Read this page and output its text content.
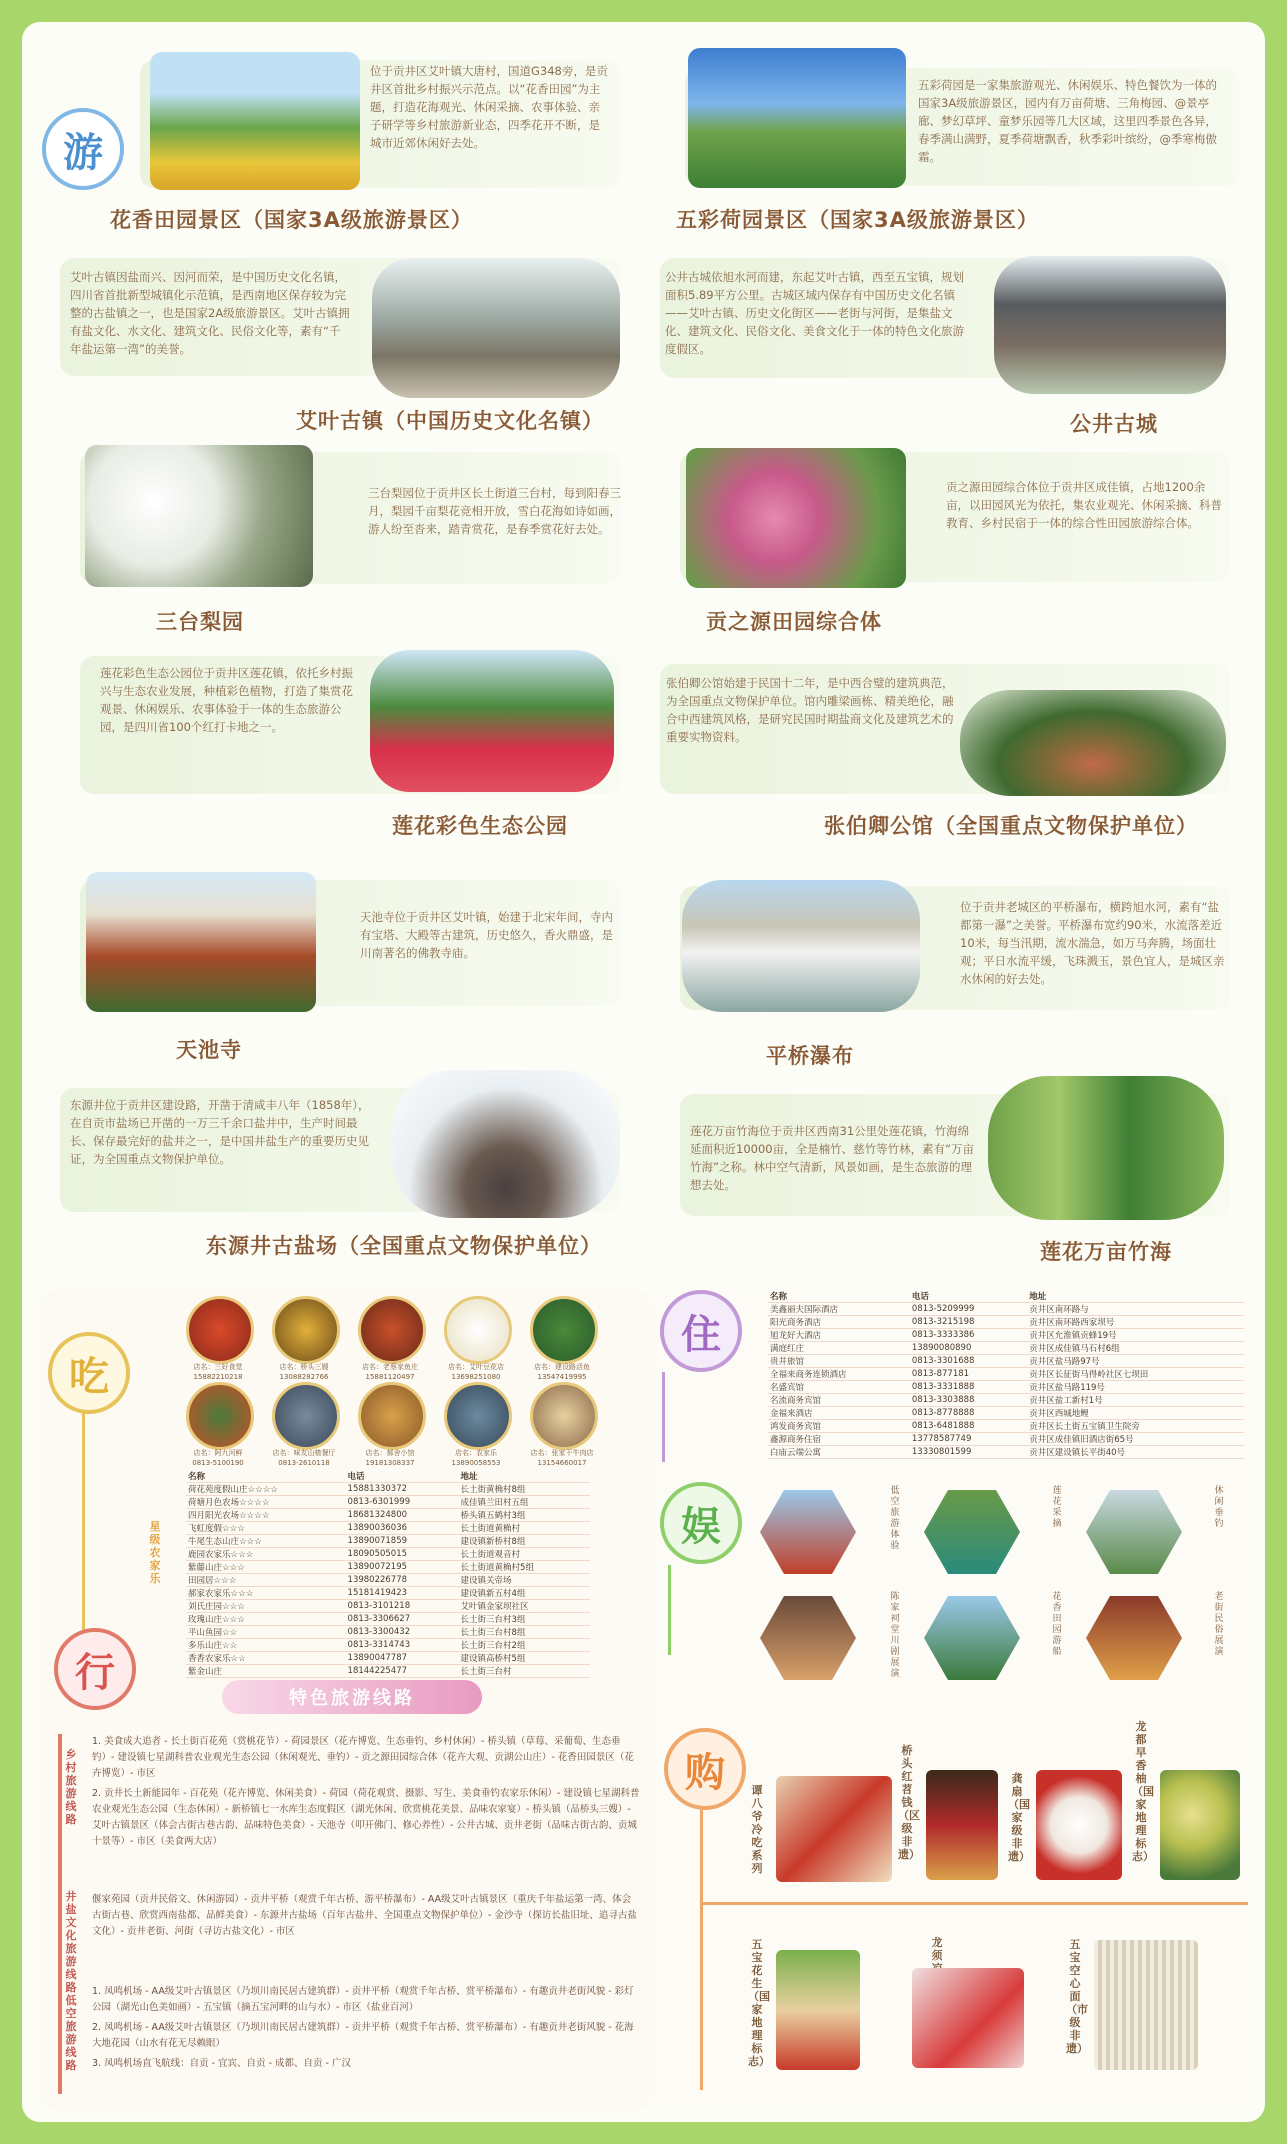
游
位于贡井区艾叶镇大唐村，国道G348旁，是贡井区首批乡村振兴示范点。以“花香田园”为主题，打造花海观光、休闲采摘、农事体验、亲子研学等乡村旅游新业态，四季花开不断，是城市近郊休闲好去处。
花香田园景区（国家3A级旅游景区）
五彩荷园是一家集旅游观光、休闲娱乐、特色餐饮为一体的国家3A级旅游景区，园内有万亩荷塘、三角梅园、@景亭廊、梦幻草坪、童梦乐园等几大区域，这里四季景色各异，春季满山满野，夏季荷塘飘香，秋季彩叶缤纷，@季寒梅傲霜。
五彩荷园景区（国家3A级旅游景区）
艾叶古镇因盐而兴、因河而荣，是中国历史文化名镇，四川省首批新型城镇化示范镇，是西南地区保存较为完整的古盐镇之一，也是国家2A级旅游景区。艾叶古镇拥有盐文化、水文化、建筑文化、民俗文化等，素有“千年盐运第一湾”的美誉。
艾叶古镇（中国历史文化名镇）
公井古城依旭水河而建，东起艾叶古镇，西至五宝镇，规划面积5.89平方公里。古城区域内保存有中国历史文化名镇——艾叶古镇、历史文化街区——老街与河街，是集盐文化、建筑文化、民俗文化、美食文化于一体的特色文化旅游度假区。
公井古城
三台梨园位于贡井区长土街道三台村，每到阳春三月，梨园千亩梨花竞相开放，雪白花海如诗如画，游人纷至沓来，踏青赏花，是春季赏花好去处。
三台梨园
贡之源田园综合体位于贡井区成佳镇，占地1200余亩，以田园风光为依托，集农业观光、休闲采摘、科普教育、乡村民宿于一体的综合性田园旅游综合体。
贡之源田园综合体
莲花彩色生态公园位于贡井区莲花镇，依托乡村振兴与生态农业发展，种植彩色植物，打造了集赏花观景、休闲娱乐、农事体验于一体的生态旅游公园，是四川省100个红打卡地之一。
莲花彩色生态公园
张伯卿公馆始建于民国十二年，是中西合璧的建筑典范，为全国重点文物保护单位。馆内雕梁画栋、精美绝伦，融合中西建筑风格，是研究民国时期盐商文化及建筑艺术的重要实物资料。
张伯卿公馆（全国重点文物保护单位）
天池寺位于贡井区艾叶镇，始建于北宋年间，寺内有宝塔、大殿等古建筑，历史悠久，香火鼎盛，是川南著名的佛教寺庙。
天池寺
位于贡井老城区的平桥瀑布，横跨旭水河，素有“盐都第一瀑”之美誉。平桥瀑布宽约90米，水流落差近10米，每当汛期，流水湍急，如万马奔腾，场面壮观；平日水流平缓，飞珠溅玉，景色宜人，是城区亲水休闲的好去处。
平桥瀑布
东源井位于贡井区建设路，开凿于清咸丰八年（1858年），在自贡市盐场已开凿的一万三千余口盐井中，生产时间最长、保存最完好的盐井之一，是中国井盐生产的重要历史见证，为全国重点文物保护单位。
东源井古盐场（全国重点文物保护单位）
莲花万亩竹海位于贡井区西南31公里处莲花镇，竹海绵延面积近10000亩，全是楠竹、慈竹等竹林，素有“万亩竹海”之称。林中空气清新，风景如画，是生态旅游的理想去处。
莲花万亩竹海
吃	店名：三好食堂
15882210218
店名：桥头三嫂
13088282766
店名：老蔡家鱼庄
15881120497
店名：艾叶豆花店
13698251080
店名：建设路活鱼
13547419995
店名：阿九河鲜
0813-5100190
店名：味友山楂餐厅
0813-2610118
店名：郝舍小馆
19181308337
店名：农家乐
13890058553
店名：张家干牛肉店
13154660017
星级农家乐
名称	电话	地址
荷花苑度假山庄☆☆☆☆	15881330372	长土街黄桷村8组
荷塘月色农场☆☆☆☆	0813-6301999	成佳镇兰田村五组
四月阳光农场☆☆☆☆	18681324800	桥头镇五鹤村3组
飞虹度假☆☆☆	13890036036	长土街道黄桷村
牛尾生态山庄☆☆☆	13890071859	建设镇新桥村8组
鹿园农家乐☆☆☆	18090505015	长土街道观音村
紫藤山庄☆☆☆	13890072195	长土街道黄桷村5组
田园居☆☆☆	13980226778	建设镇关帝场
郝家农家乐☆☆☆	15181419423	建设镇新五村4组
刘氏庄园☆☆☆	0813-3101218	艾叶镇金家坝社区
玫瑰山庄☆☆☆	0813-3306627	长土街三台村3组
平山鱼园☆☆	0813-3300432	长土街三台村8组
多乐山庄☆☆	0813-3314743	长土街三台村2组
香香农家乐☆☆	13890047787	建设镇高桥村5组
紫金山庄	18144225477	长土街三台村
行
特色旅游线路
乡村旅游线路
1. 美食成大追者 - 长土街百花苑（赏桃花节）- 荷园景区（花卉博览、生态垂钓、乡村休闲）- 桥头镇（草莓、采葡萄、生态垂钓）- 建设镇七星湖科普农业观光生态公园（休闲观光、垂钓）- 贡之源田园综合体（花卉大观、贡湖公山庄）- 花香田园景区（花卉博览）- 市区
2. 贡井长土新能园年 - 百花苑（花卉博览、休闲美食）- 荷园（荷花观赏、摄影、写生、美食垂钓农家乐休闲）- 建设镇七星湖科普农业观光生态公园（生态休闲）- 新桥镇七一水库生态度假区（湖光休闲、欣赏桃花美景、品味农家宴）- 桥头镇（品桥头三嫂）- 艾叶古镇景区（体会古街古巷古韵、品味特色美食）- 天池寺（叩开佛门、修心养性）- 公井古城、贡井老街（品味古街古韵、贡城十景等）- 市区（美食两大店）
井盐文化旅游线路
偃家苑园（贡井民俗文、休闲游园）- 贡井平桥（观赏千年古桥、游平桥瀑布）- AA级艾叶古镇景区（重庆千年盐运第一湾、体会古街古巷、欣赏西南盐都、品鲜美食）- 东源井古盐场（百年古盐井、全国重点文物保护单位）- 金沙寺（探访长盐旧址、追寻古盐文化）- 贡井老街、河街（寻访古盐文化）- 市区
低空旅游线路
1. 凤鸣机场 - AA级艾叶古镇景区（乃坝川南民居古建筑群）- 贡井平桥（观赏千年古桥、赏平桥瀑布）- 有趣贡井老街风貌 - 彩灯公园（湖光山色美如画）- 五宝镇（摘五宝河畔的山与水）- 市区（盐业百河）
2. 凤鸣机场 - AA级艾叶古镇景区（乃坝川南民居古建筑群）- 贡井平桥（观赏千年古桥、赏平桥瀑布）- 有趣贡井老街风貌 - 花海大地花园（山水有花无尽赖眼）
3. 凤鸣机场直飞航线：自贡 - 宜宾、自贡 - 成都、自贡 - 广汉
住
名称	电话	地址
美鑫丽夫国际酒店	0813-5209999	贡井区南环路与
阳光商务酒店	0813-3215198	贡井区南环路西家坝号
旭龙好大酒店	0813-3333386	贡井区允淮镇贡蜂19号
满庭红庄	13890080890	贡井区成佳镇马石村6组
贵井旅馆	0813-3301688	贡井区盐马路97号
全福来商务连锁酒店	0813-877181	贡井区长征街马得岭社区七坝田
名盛宾馆	0813-3331888	贡井区盐马路119号
名流商务宾馆	0813-3303888	贡井区盐工新村1号
金福来酒店	0813-8778888	贡井区西城地鲤
鸿发商务宾馆	0813-6481888	贡井区长土街五宝镇卫生院旁
鑫源商务住宿	13778587749	贡井区成佳镇旧酒店街65号
白庙云端公寓	13330801599	贡井区建设镇长平街40号
娱
低空旅游体验
莲花采摘
休闲垂钓
陈家祠堂川剧展演
花香田园游船
老街民俗展演
购	谭八爷冷吃系列
桥头红苕钱（区级非遗）
龚扇（国家级非遗）
龙都早香柚（国家地理标志）
五宝花生（国家地理标志）
龙须
五宝空心面（市级非遗）
